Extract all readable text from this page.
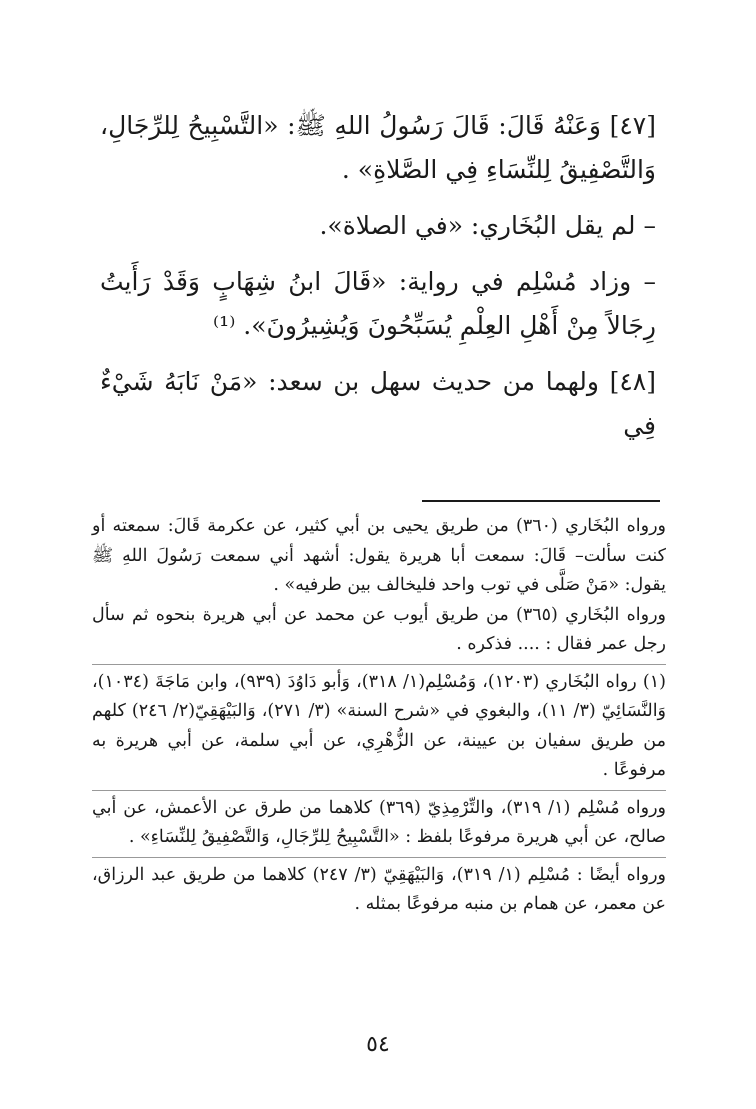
[٤٧] وَعَنْهُ قَالَ: قَالَ رَسُولُ اللهِ ﷺ: «التَّسْبِيحُ لِلرِّجَالِ، وَالتَّصْفِيقُ لِلنِّسَاءِ فِي الصَّلاةِ» .

– لم يقل البُخَاري: «في الصلاة».

– وزاد مُسْلِم في رواية: «قَالَ ابنُ شِهَابٍ وَقَدْ رَأَيتُ رِجَالاً مِنْ أَهْلِ العِلْمِ يُسَبِّحُونَ وَيُشِيرُونَ». ⁽¹⁾

[٤٨] ولهما من حديث سهل بن سعد: «مَنْ نَابَهُ شَيْءٌ فِي

ورواه البُخَاري (٣٦٠) من طريق يحيى بن أبي كثير، عن عكرمة قَالَ: سمعته أو كنت سألت– قَالَ: سمعت أبا هريرة يقول: أشهد أني سمعت رَسُولَ اللهِ ﷺ يقول: «مَنْ صَلَّى في توب واحد فليخالف بين طرفيه» .

ورواه البُخَاري (٣٦٥) من طريق أيوب عن محمد عن أبي هريرة بنحوه ثم سأل رجل عمر فقال : .... فذكره .

(١) رواه البُخَاري (١٢٠٣)، وَمُسْلِم(١/ ٣١٨)، وَأبو دَاوُدَ (٩٣٩)، وابن مَاجَةَ (١٠٣٤)، وَالنَّسَائِيّ (٣/ ١١)، والبغوي في «شرح السنة» (٣/ ٢٧١)، وَالبَيْهَقِيّ(٢/ ٢٤٦) كلهم من طريق سفيان بن عيينة، عن الزُّهْرِي، عن أبي سلمة، عن أبي هريرة به مرفوعًا .

ورواه مُسْلِم (١/ ٣١٩)، والتِّرْمِذِيّ (٣٦٩) كلاهما من طرق عن الأعمش، عن أبي صالح، عن أبي هريرة مرفوعًا بلفظ : «التَّسْبِيحُ لِلرِّجَالِ، وَالتَّصْفِيقُ لِلنِّسَاءِ» .

ورواه أيضًا : مُسْلِم (١/ ٣١٩)، وَالبَيْهَقِيّ (٣/ ٢٤٧) كلاهما من طريق عبد الرزاق، عن معمر، عن همام بن منبه مرفوعًا بمثله .

٥٤
